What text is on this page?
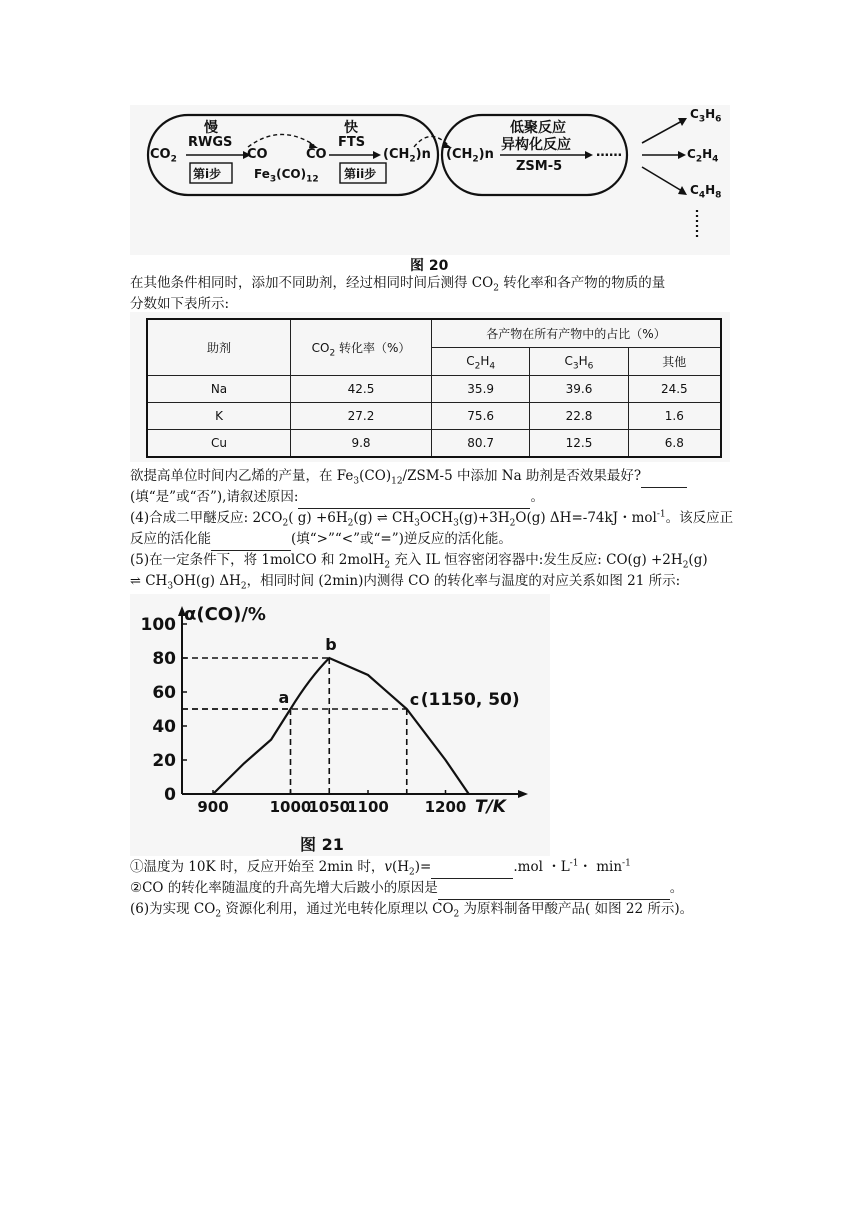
慢
RWGS
快
FTS
$CO_2$	CO	CO	$(CH_2)n$
第i步	第ii步
$Fe_3(CO)_{12}$
$(CH_2)n$
低聚反应
异构化反应
ZSM-5
……
$C_3H_6$
$C_2H_4$
$C_4H_8$
图 20
在其他条件相同时，添加不同助剂，经过相同时间后测得 $CO_2$ 转化率和各产物的物质的量
分数如下表所示:
助剂	$CO_2$ 转化率（%）	各产物在所有产物中的占比（%）		
		$C_2H_4$	$C_3H_6$	其他
Na	42.5	35.9	39.6	24.5
K	27.2	75.6	22.8	1.6
Cu	9.8	80.7	12.5	6.8
欲提高单位时间内乙烯的产量，在 $Fe_3(CO)_{12}/ZSM-5$ 中添加 Na 助剂是否效果最好?
(填“是”或“否”),请叙述原因:	。
(4)合成二甲醚反应: $2CO_2$( $g) +6H_2(g)$ ⇌ $CH_3OCH_3(g)+3H_2O(g)$ ΔH=-74kJ・mol$^{-1}$。该反应正
反应的活化能	(填“>”“<”或“=”)逆反应的活化能。
(5)在一定条件下，将 1molCO 和 2molH$_2$ 充入 IL 恒容密闭容器中:发生反应: $CO(g) +2H_2(g)$
⇌ $CH_3OH(g)$ $\Delta H_2$，相同时间 (2min)内测得 CO 的转化率与温度的对应关系如图 21 所示:
0
20
40
60
80
100
900	1000
1050
1100 1200
α(CO)/%
T/K
a
b
c (1150, 50)
图 21
①温度为 10K 时，反应开始至 2min 时，$v(H_2)=$	.mol ・$L^{-1}$・ $\min^{-1}$
②CO 的转化率随温度的升高先增大后跛小的原因是	。
(6)为实现 $CO_2$ 资源化利用，通过光电转化原理以 $CO_2$ 为原料制备甲酸产品( 如图 22 所示)。
